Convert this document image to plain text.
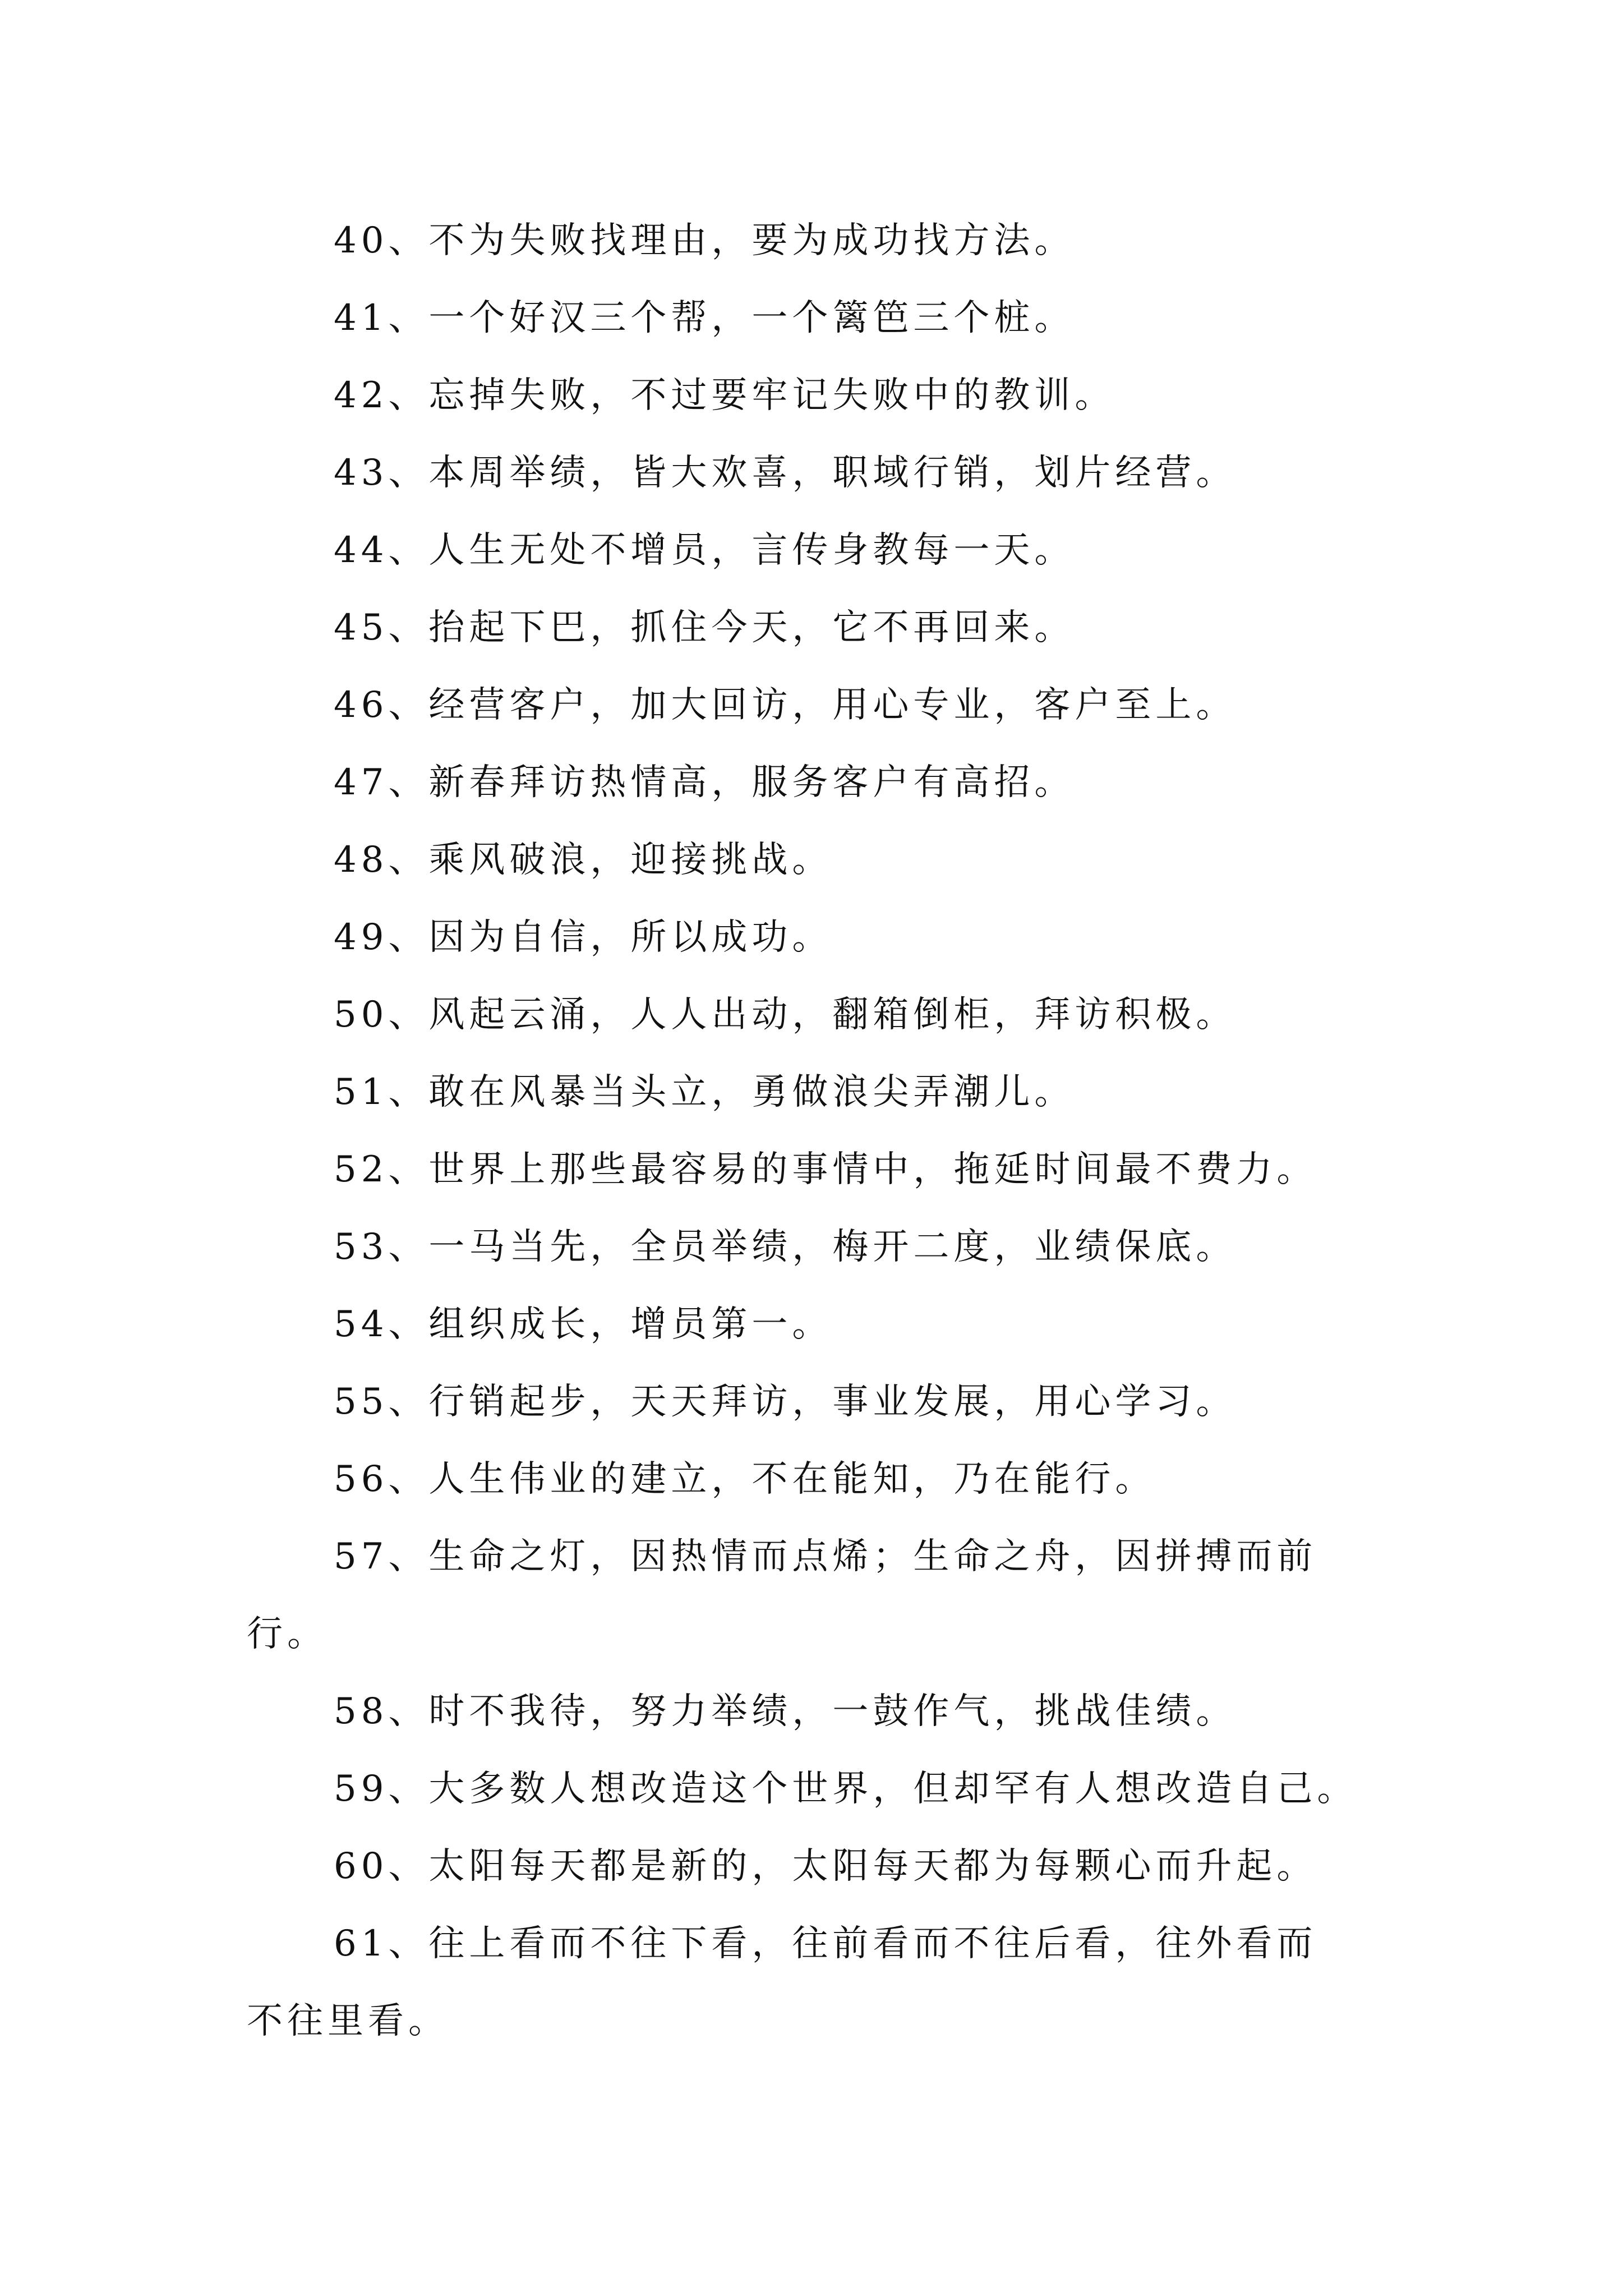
40、不为失败找理由，要为成功找方法。
41、一个好汉三个帮，一个篱笆三个桩。
42、忘掉失败，不过要牢记失败中的教训。
43、本周举绩，皆大欢喜，职域行销，划片经营。
44、人生无处不增员，言传身教每一天。
45、抬起下巴，抓住今天，它不再回来。
46、经营客户，加大回访，用心专业，客户至上。
47、新春拜访热情高，服务客户有高招。
48、乘风破浪，迎接挑战。
49、因为自信，所以成功。
50、风起云涌，人人出动，翻箱倒柜，拜访积极。
51、敢在风暴当头立，勇做浪尖弄潮儿。
52、世界上那些最容易的事情中，拖延时间最不费力。
53、一马当先，全员举绩，梅开二度，业绩保底。
54、组织成长，增员第一。
55、行销起步，天天拜访，事业发展，用心学习。
56、人生伟业的建立，不在能知，乃在能行。
57、生命之灯，因热情而点烯；生命之舟，因拼搏而前
行。
58、时不我待，努力举绩，一鼓作气，挑战佳绩。
59、大多数人想改造这个世界，但却罕有人想改造自己。
60、太阳每天都是新的，太阳每天都为每颗心而升起。
61、往上看而不往下看，往前看而不往后看，往外看而
不往里看。
